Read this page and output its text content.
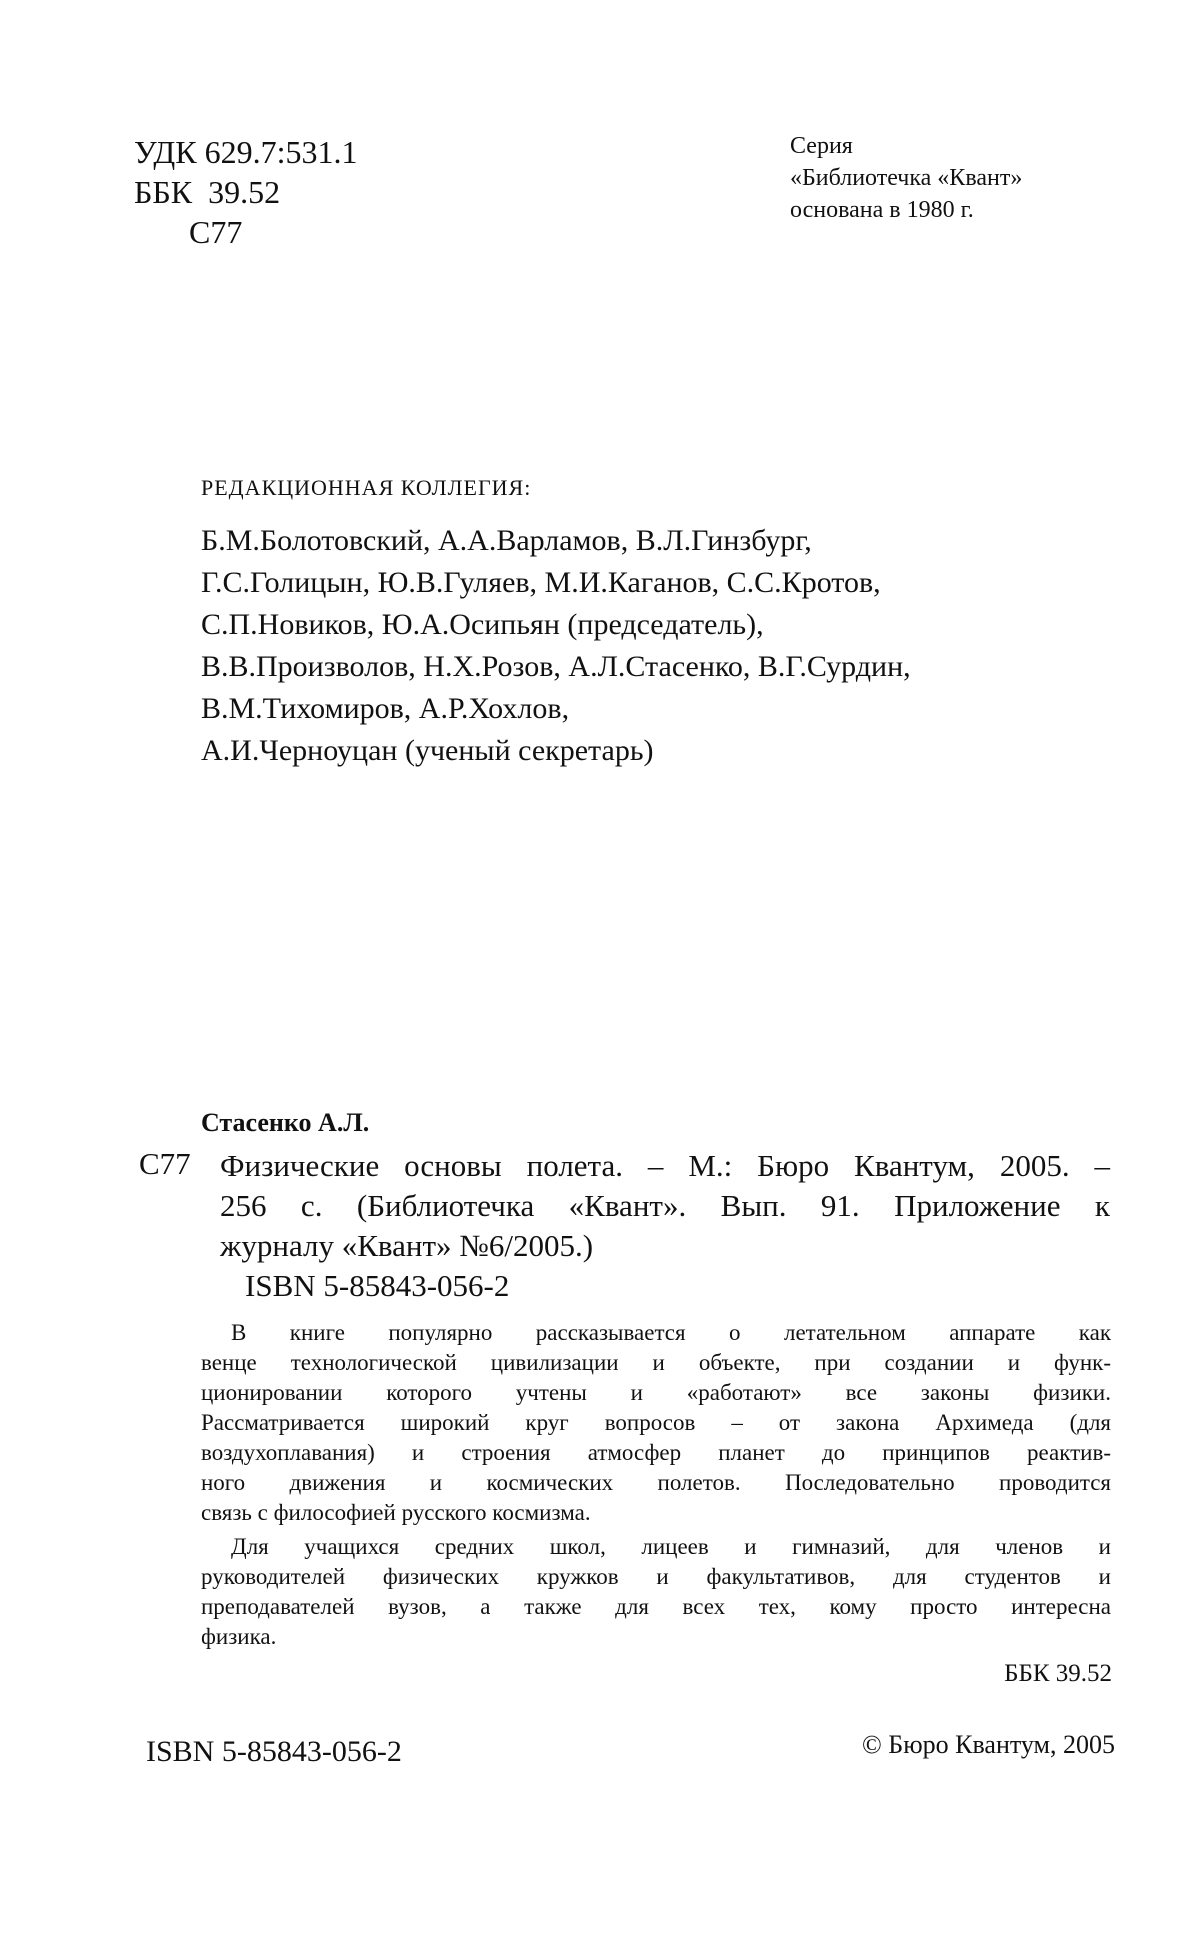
УДК 629.7:531.1
ББК  39.52
С77
Серия
«Библиотечка «Квант»
основана в 1980 г.
РЕДАКЦИОННАЯ КОЛЛЕГИЯ:
Б.М.Болотовский, А.А.Варламов, В.Л.Гинзбург,
Г.С.Голицын, Ю.В.Гуляев, М.И.Каганов, С.С.Кротов,
С.П.Новиков, Ю.А.Осипьян (председатель),
В.В.Произволов, Н.Х.Розов, А.Л.Стасенко, В.Г.Сурдин,
В.М.Тихомиров, А.Р.Хохлов,
А.И.Черноуцан (ученый секретарь)
Стасенко А.Л.
С77 Физические основы полета. – М.: Бюро Квантум, 2005. –
256 с. (Библиотечка «Квант». Вып. 91. Приложение к
журналу «Квант» №6/2005.)
ISBN 5-85843-056-2
В книге популярно рассказывается о летательном аппарате как
венце технологической цивилизации и объекте, при создании и функ-
ционировании которого учтены и «работают» все законы физики.
Рассматривается широкий круг вопросов – от закона Архимеда (для
воздухоплавания) и строения атмосфер планет до принципов реактив-
ного движения и космических полетов. Последовательно проводится
связь с философией русского космизма.
Для учащихся средних школ, лицеев и гимназий, для членов и
руководителей физических кружков и факультативов, для студентов и
преподавателей вузов, а также для всех тех, кому просто интересна
физика.
ББК 39.52
ISBN 5-85843-056-2	© Бюро Квантум, 2005
